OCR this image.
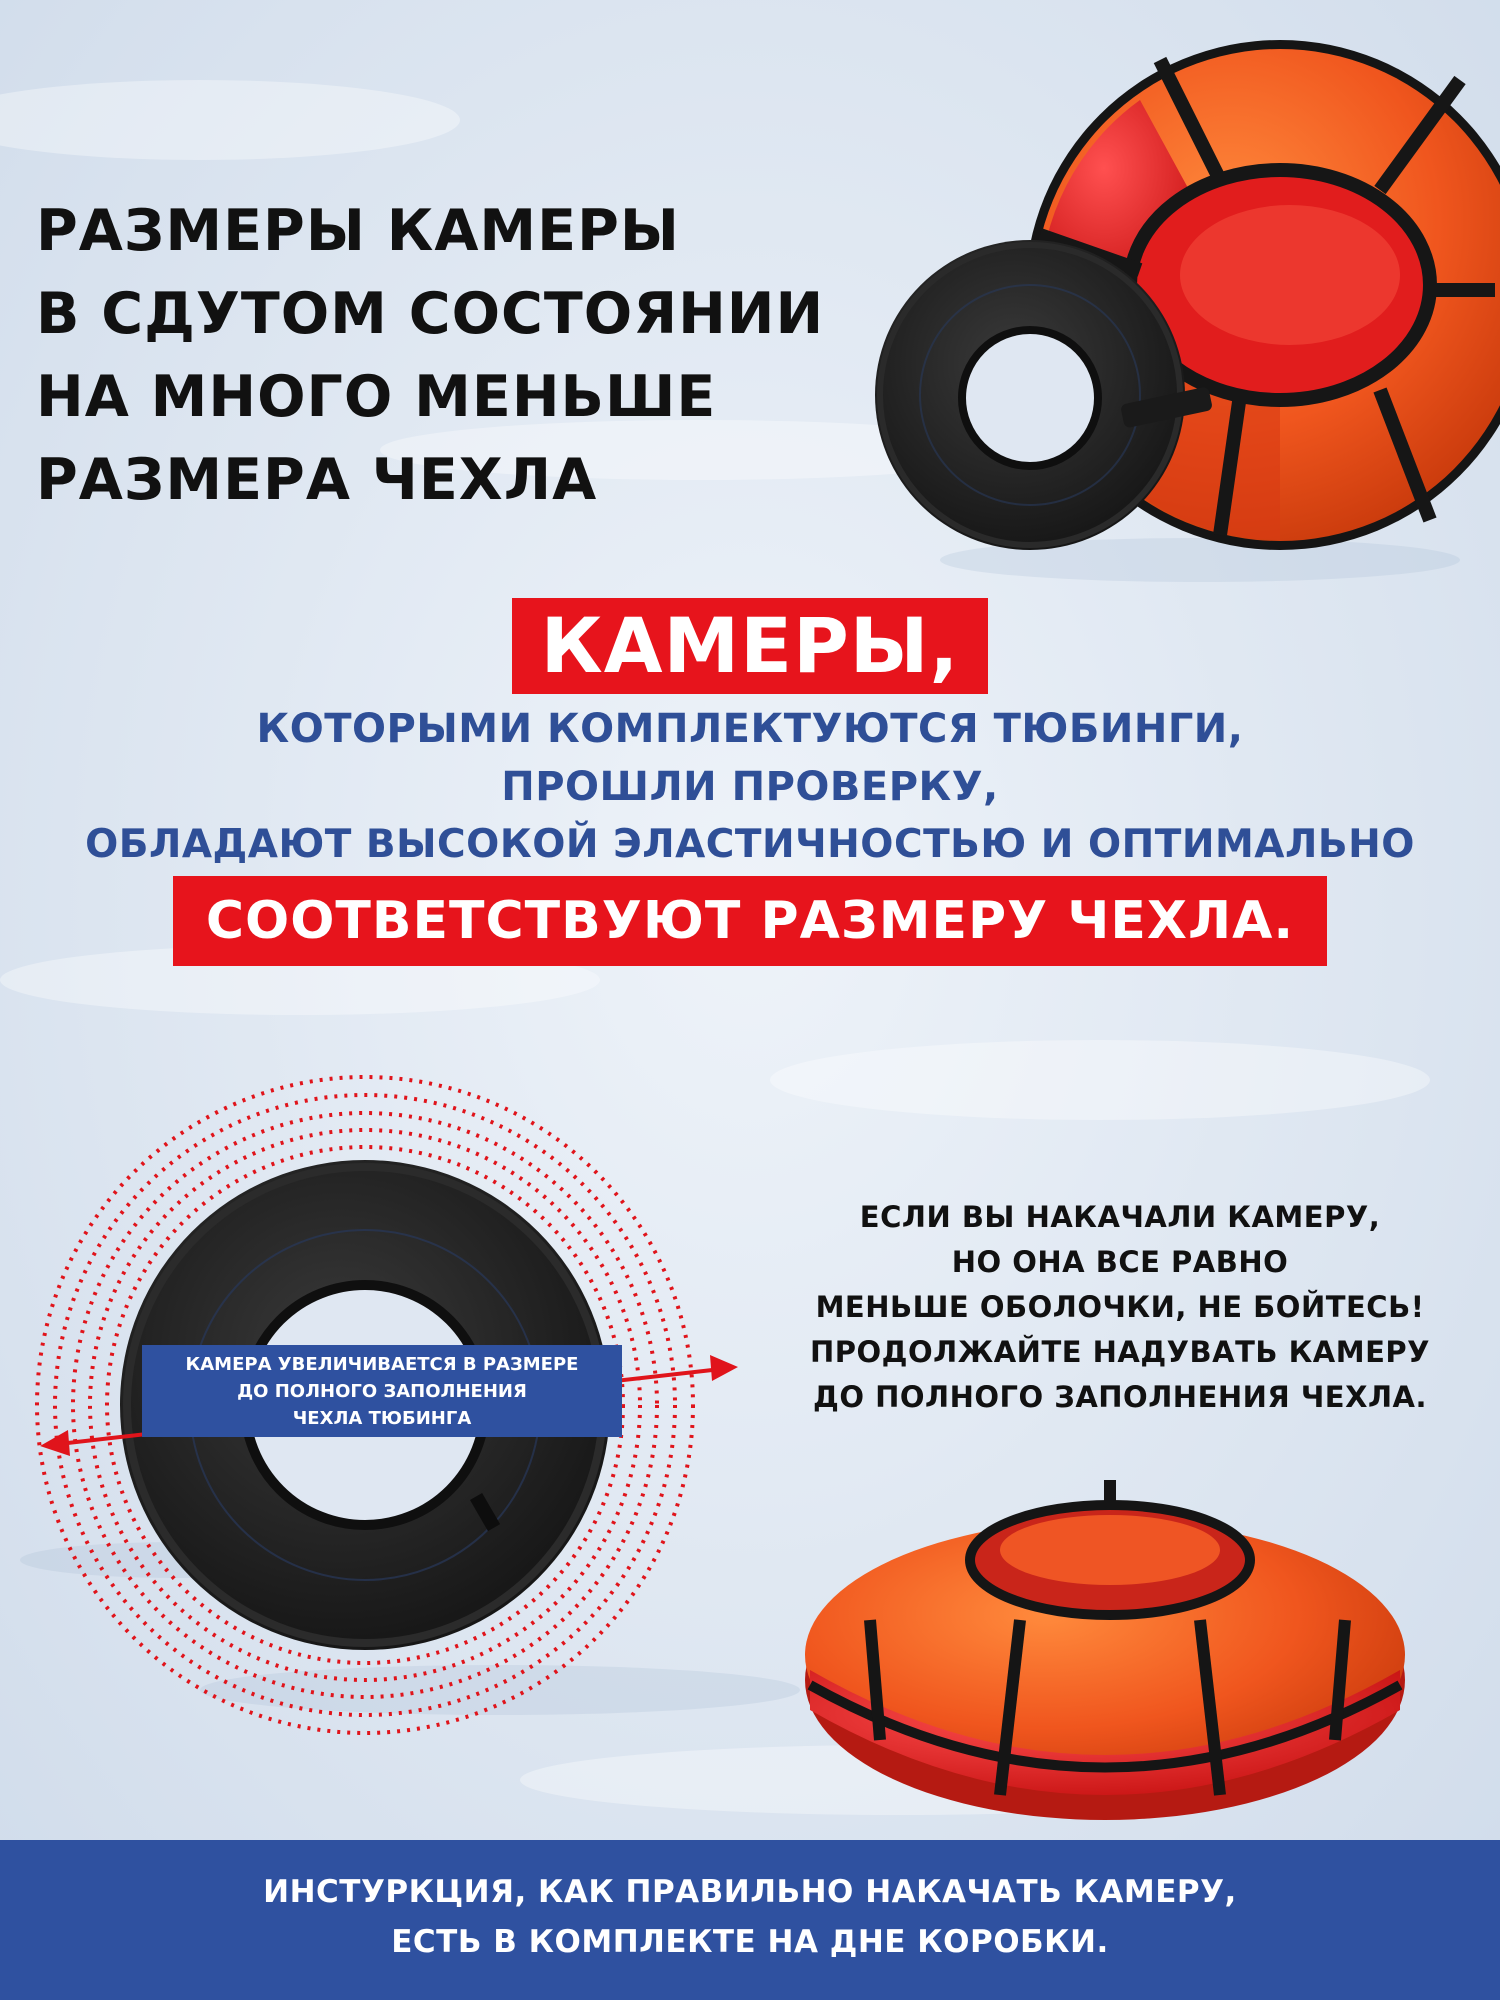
РАЗМЕРЫ КАМЕРЫ
В СДУТОМ СОСТОЯНИИ
НА МНОГО МЕНЬШЕ
РАЗМЕРА ЧЕХЛА
КАМЕРЫ,
КОТОРЫМИ КОМПЛЕКТУЮТСЯ ТЮБИНГИ,
ПРОШЛИ ПРОВЕРКУ,
ОБЛАДАЮТ ВЫСОКОЙ ЭЛАСТИЧНОСТЬЮ И ОПТИМАЛЬНО
СООТВЕТСТВУЮТ РАЗМЕРУ ЧЕХЛА.
КАМЕРА УВЕЛИЧИВАЕТСЯ В РАЗМЕРЕ
ДО ПОЛНОГО ЗАПОЛНЕНИЯ
ЧЕХЛА ТЮБИНГА
ЕСЛИ ВЫ НАКАЧАЛИ КАМЕРУ,
НО ОНА ВСЕ РАВНО
МЕНЬШЕ ОБОЛОЧКИ, НЕ БОЙТЕСЬ!
ПРОДОЛЖАЙТЕ НАДУВАТЬ КАМЕРУ
ДО ПОЛНОГО ЗАПОЛНЕНИЯ ЧЕХЛА.
ИНСТУРКЦИЯ, КАК ПРАВИЛЬНО НАКАЧАТЬ КАМЕРУ,
ЕСТЬ В КОМПЛЕКТЕ НА ДНЕ КОРОБКИ.
